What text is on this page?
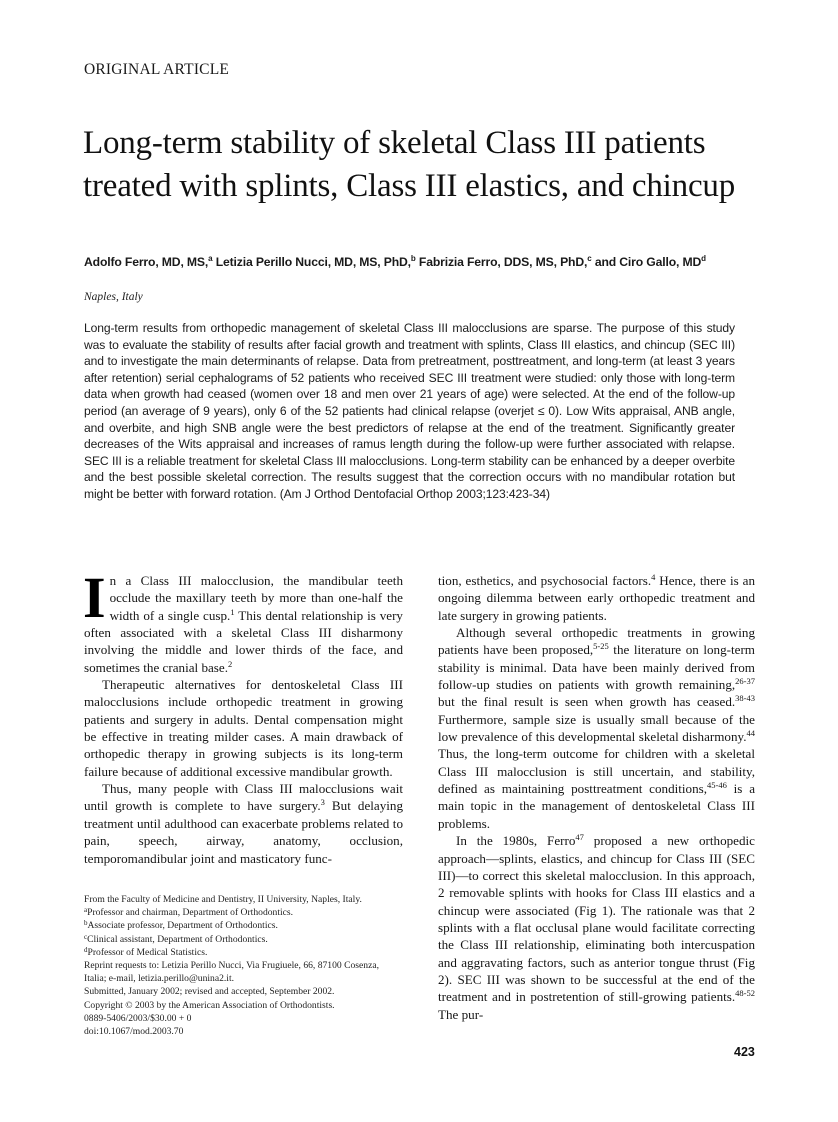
ORIGINAL ARTICLE
Long-term stability of skeletal Class III patients treated with splints, Class III elastics, and chincup
Adolfo Ferro, MD, MS,$^a$ Letizia Perillo Nucci, MD, MS, PhD,$^b$ Fabrizia Ferro, DDS, MS, PhD,$^c$ and Ciro Gallo, $MD^d$
Naples, Italy

Long-term results from orthopedic management of skeletal Class III malocclusions are sparse. The purpose of this study was to evaluate the stability of results after facial growth and treatment with splints, Class III elastics, and chincup (SEC III) and to investigate the main determinants of relapse. Data from pretreatment, posttreatment, and long-term (at least 3 years after retention) serial cephalograms of 52 patients who received SEC III treatment were studied: only those with long-term data when growth had ceased (women over 18 and men over 21 years of age) were selected. At the end of the follow-up period (an average of 9 years), only 6 of the 52 patients had clinical relapse (overjet ≤ 0). Low Wits appraisal, ANB angle, and overbite, and high SNB angle were the best predictors of relapse at the end of the treatment. Significantly greater decreases of the Wits appraisal and increases of ramus length during the follow-up were further associated with relapse. SEC III is a reliable treatment for skeletal Class III malocclusions. Long-term stability can be enhanced by a deeper overbite and the best possible skeletal correction. The results suggest that the correction occurs with no mandibular rotation but might be better with forward rotation. (Am J Orthod Dentofacial Orthop 2003;123:423-34)

In a Class III malocclusion, the mandibular teeth occlude the maxillary teeth by more than one-half the width of a single cusp.$^1$ This dental relationship is very often associated with a skeletal Class III disharmony involving the middle and lower thirds of the face, and sometimes the cranial base.$^2$

Therapeutic alternatives for dentoskeletal Class III malocclusions include orthopedic treatment in growing patients and surgery in adults. Dental compensation might be effective in treating milder cases. A main drawback of orthopedic therapy in growing subjects is its long-term failure because of additional excessive mandibular growth.

Thus, many people with Class III malocclusions wait until growth is complete to have surgery.$^3$ But delaying treatment until adulthood can exacerbate problems related to pain, speech, airway, anatomy, occlusion, temporomandibular joint and masticatory func-

From the Faculty of Medicine and Dentistry, II University, Naples, Italy.
$^a$Professor and chairman, Department of Orthodontics.
$^b$Associate professor, Department of Orthodontics.
$^c$Clinical assistant, Department of Orthodontics.
$^d$Professor of Medical Statistics.
Reprint requests to: Letizia Perillo Nucci, Via Frugiuele, 66, 87100 Cosenza,
Italia; e-mail, letizia.perillo@unina2.it.
Submitted, January 2002; revised and accepted, September 2002.
Copyright © 2003 by the American Association of Orthodontists.
0889-5406/2003/$30.00 + 0
doi:10.1067/mod.2003.70

tion, esthetics, and psychosocial factors.$^4$ Hence, there is an ongoing dilemma between early orthopedic treatment and late surgery in growing patients.

Although several orthopedic treatments in growing patients have been proposed,$^{5-25}$ the literature on long-term stability is minimal. Data have been mainly derived from follow-up studies on patients with growth remaining,$^{26-37}$ but the final result is seen when growth has ceased.$^{38-43}$ Furthermore, sample size is usually small because of the low prevalence of this developmental skeletal disharmony.$^{44}$ Thus, the long-term outcome for children with a skeletal Class III malocclusion is still uncertain, and stability, defined as maintaining posttreatment conditions,$^{45-46}$ is a main topic in the management of dentoskeletal Class III problems.

In the 1980s, Ferro$^{47}$ proposed a new orthopedic approach—splints, elastics, and chincup for Class III (SEC III)—to correct this skeletal malocclusion. In this approach, 2 removable splints with hooks for Class III elastics and a chincup were associated (Fig 1). The rationale was that 2 splints with a flat occlusal plane would facilitate correcting the Class III relationship, eliminating both intercuspation and aggravating factors, such as anterior tongue thrust (Fig 2). SEC III was shown to be successful at the end of the treatment and in postretention of still-growing patients.$^{48-52}$ The pur-

423
